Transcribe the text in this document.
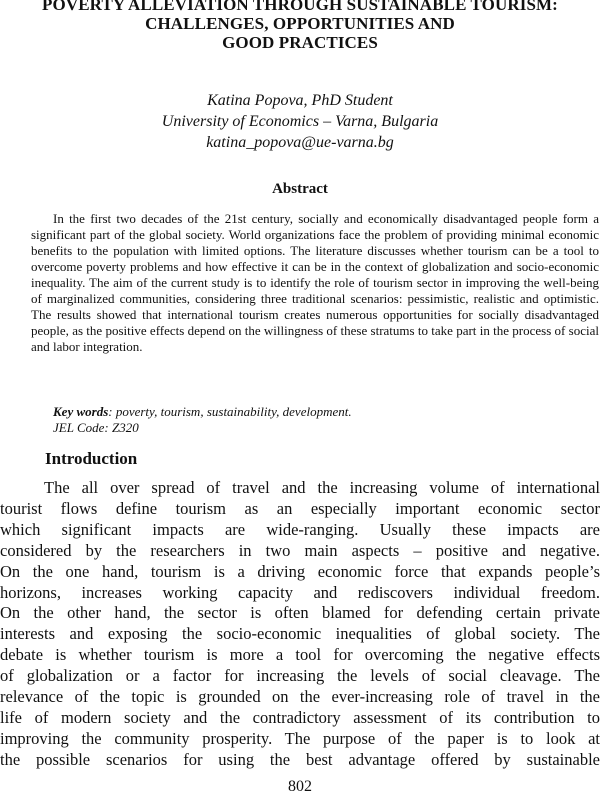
POVERTY ALLEVIATION THROUGH SUSTAINABLE TOURISM:
CHALLENGES, OPPORTUNITIES AND
GOOD PRACTICES
Katina Popova, PhD Student
University of Economics – Varna, Bulgaria
katina_popova@ue-varna.bg
Abstract

In the first two decades of the 21st century, socially and economically disadvantaged people form a significant part of the global society. World organizations face the problem of providing minimal economic benefits to the population with limited options. The literature discusses whether tourism can be a tool to overcome poverty problems and how effective it can be in the context of globalization and socio-economic inequality. The aim of the current study is to identify the role of tourism sector in improving the well-being of marginalized communities, considering three traditional scenarios: pessimistic, realistic and optimistic. The results showed that international tourism creates numerous opportunities for socially disadvantaged people, as the positive effects depend on the willingness of these stratums to take part in the process of social and labor integration.

Key words: poverty, tourism, sustainability, development.
JEL Code: Z320
Introduction
The all over spread of travel and the increasing volume of international
tourist flows define tourism as an especially important economic sector
which significant impacts are wide-ranging. Usually these impacts are
considered by the researchers in two main aspects – positive and negative.
On the one hand, tourism is a driving economic force that expands people’s
horizons, increases working capacity and rediscovers individual freedom.
On the other hand, the sector is often blamed for defending certain private
interests and exposing the socio-economic inequalities of global society. The
debate is whether tourism is more a tool for overcoming the negative effects
of globalization or a factor for increasing the levels of social cleavage. The
relevance of the topic is grounded on the ever-increasing role of travel in the
life of modern society and the contradictory assessment of its contribution to
improving the community prosperity. The purpose of the paper is to look at
the possible scenarios for using the best advantage offered by sustainable
802
